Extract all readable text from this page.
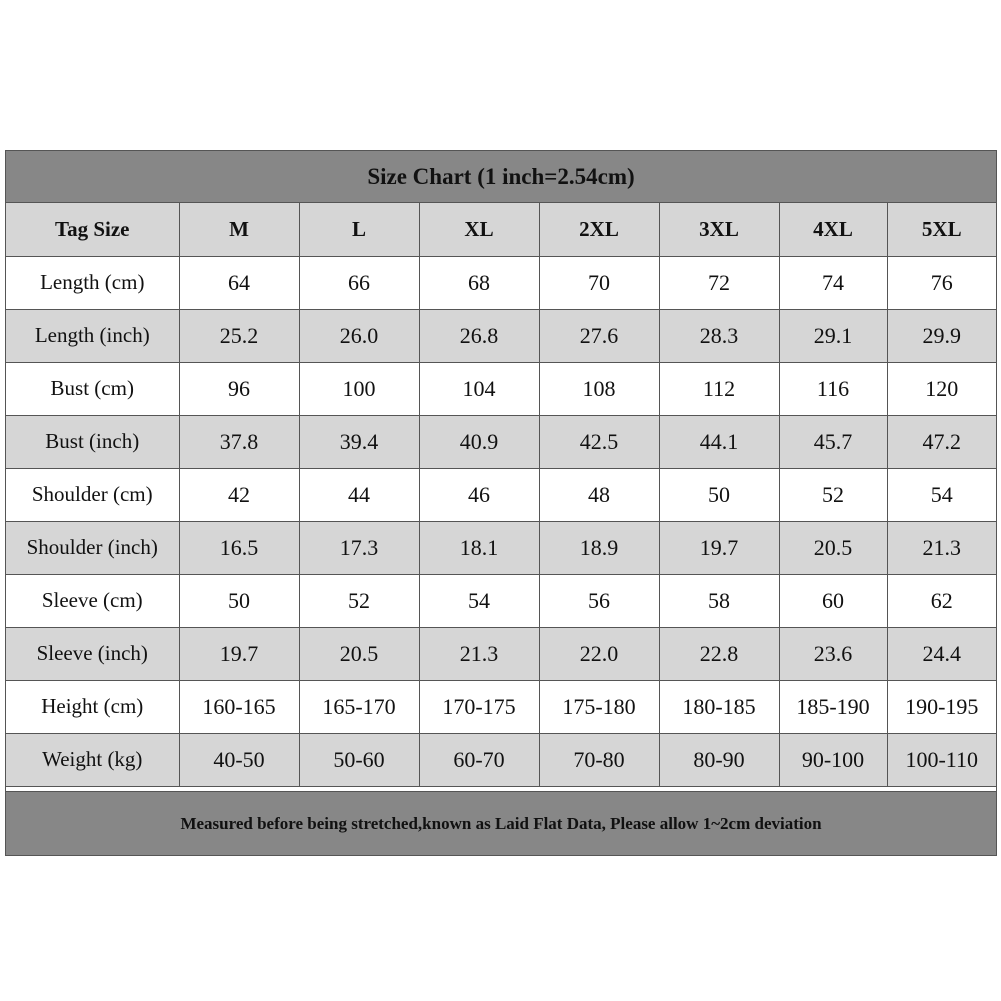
Size Chart (1 inch=2.54cm)
Tag Size	M	L	XL	2XL	3XL	4XL	5XL
Length (cm)	64	66	68	70	72	74	76
Length (inch)	25.2	26.0	26.8	27.6	28.3	29.1	29.9
Bust (cm)	96	100	104	108	112	116	120
Bust (inch)	37.8	39.4	40.9	42.5	44.1	45.7	47.2
Shoulder (cm)	42	44	46	48	50	52	54
Shoulder (inch)	16.5	17.3	18.1	18.9	19.7	20.5	21.3
Sleeve (cm)	50	52	54	56	58	60	62
Sleeve (inch)	19.7	20.5	21.3	22.0	22.8	23.6	24.4
Height (cm)	160-165	165-170	170-175	175-180	180-185	185-190	190-195
Weight (kg)	40-50	50-60	60-70	70-80	80-90	90-100	100-110
Measured before being stretched,known as Laid Flat Data, Please allow 1~2cm deviation
